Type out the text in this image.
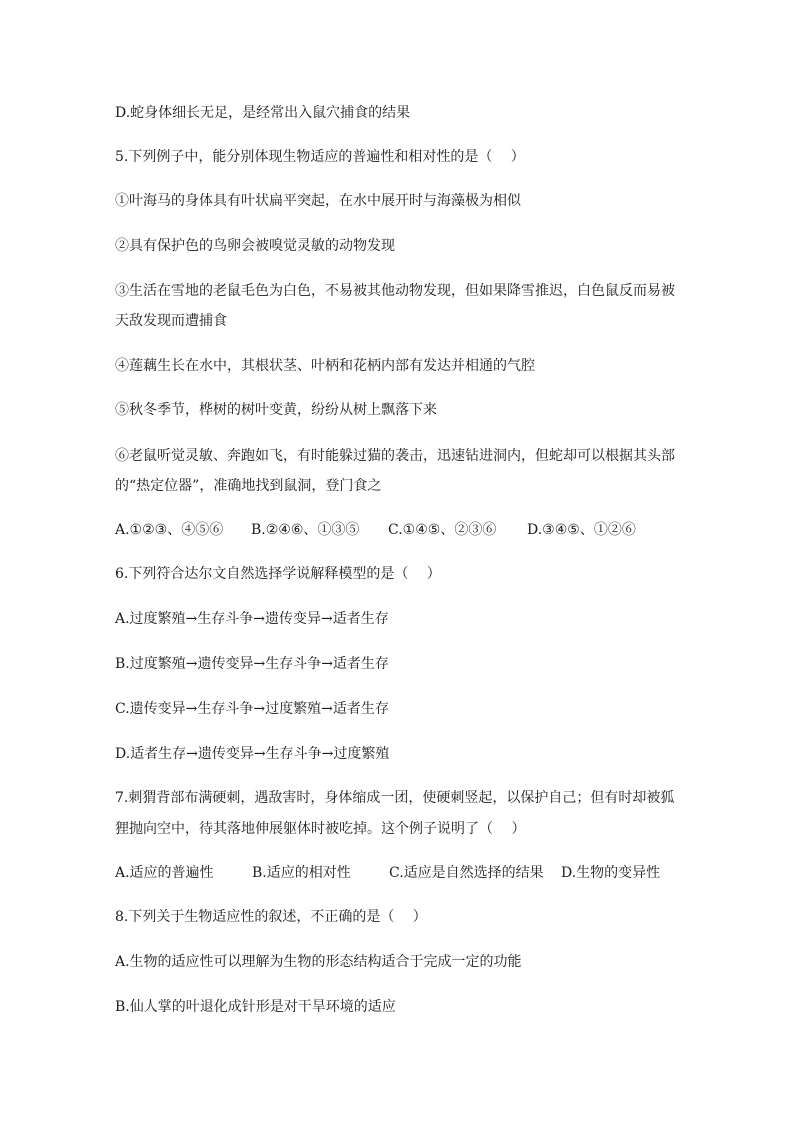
D.蛇身体细长无足，是经常出入鼠穴捕食的结果
5.下列例子中，能分别体现生物适应的普遍性和相对性的是（　 ）
①叶海马的身体具有叶状扁平突起，在水中展开时与海藻极为相似
②具有保护色的鸟卵会被嗅觉灵敏的动物发现
③生活在雪地的老鼠毛色为白色，不易被其他动物发现，但如果降雪推迟，白色鼠反而易被
天敌发现而遭捕食
④莲藕生长在水中，其根状茎、叶柄和花柄内部有发达并相通的气腔
⑤秋冬季节，桦树的树叶变黄，纷纷从树上飘落下来
⑥老鼠听觉灵敏、奔跑如飞，有时能躲过猫的袭击，迅速钻进洞内，但蛇却可以根据其头部
的“热定位器”，准确地找到鼠洞，登门食之
A.①②③、④⑤⑥	B.②④⑥、①③⑤	C.①④⑤、②③⑥	D.③④⑤、①②⑥
6.下列符合达尔文自然选择学说解释模型的是（　 ）
A.过度繁殖→生存斗争→遗传变异→适者生存
B.过度繁殖→遗传变异→生存斗争→适者生存
C.遗传变异→生存斗争→过度繁殖→适者生存
D.适者生存→遗传变异→生存斗争→过度繁殖
7.刺猬背部布满硬刺，遇敌害时，身体缩成一团，使硬刺竖起，以保护自己；但有时却被狐
狸抛向空中，待其落地伸展躯体时被吃掉。这个例子说明了（　 ）
A.适应的普遍性	B.适应的相对性	C.适应是自然选择的结果	D.生物的变异性
8.下列关于生物适应性的叙述，不正确的是（　 ）
A.生物的适应性可以理解为生物的形态结构适合于完成一定的功能
B.仙人掌的叶退化成针形是对干旱环境的适应
